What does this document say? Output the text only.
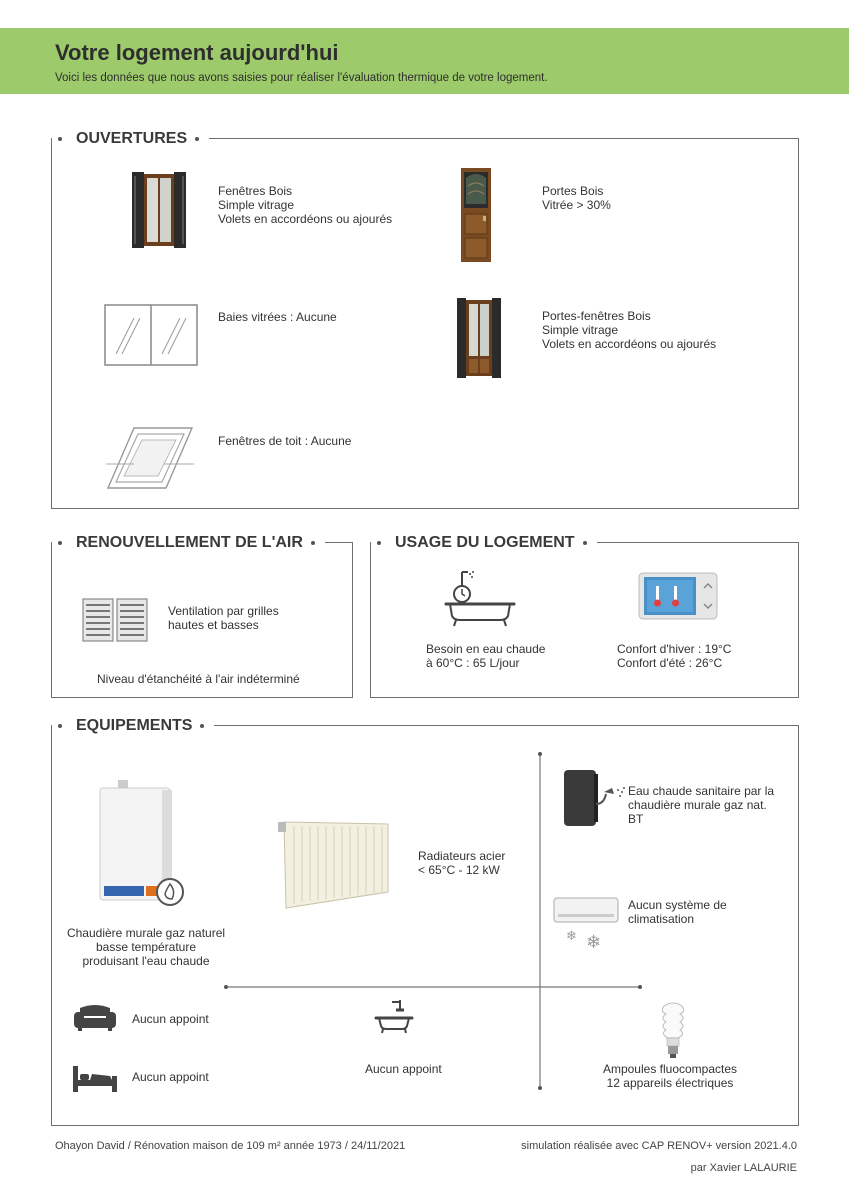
Votre logement aujourd'hui

Voici les données que nous avons saisies pour réaliser l'évaluation thermique de votre logement.

OUVERTURES
Fenêtres Bois
Simple vitrage
Volets en accordéons ou ajourés
Portes Bois
Vitrée > 30%
Baies vitrées : Aucune	Portes-fenêtres Bois
Simple vitrage
Volets en accordéons ou ajourés
Fenêtres de toit : Aucune
RENOUVELLEMENT DE L'AIR
Ventilation par grilles
hautes et basses
Niveau d'étanchéité à l'air indéterminé
USAGE DU LOGEMENT
Besoin en eau chaude
à 60°C : 65 L/jour
Confort d'hiver : 19°C
Confort d'été : 26°C
EQUIPEMENTS
Chaudière murale gaz naturel
basse température
produisant l'eau chaude
Radiateurs acier
< 65°C - 12 kW
Eau chaude sanitaire par la
chaudière murale gaz nat.
BT
❄ ❄
Aucun système de
climatisation
Aucun appoint
Aucun appoint
Aucun appoint	Ampoules fluocompactes
12 appareils électriques
Ohayon David / Rénovation maison de 109 m² année 1973 / 24/11/2021	simulation réalisée avec CAP RENOV+ version 2021.4.0
par Xavier LALAURIE
